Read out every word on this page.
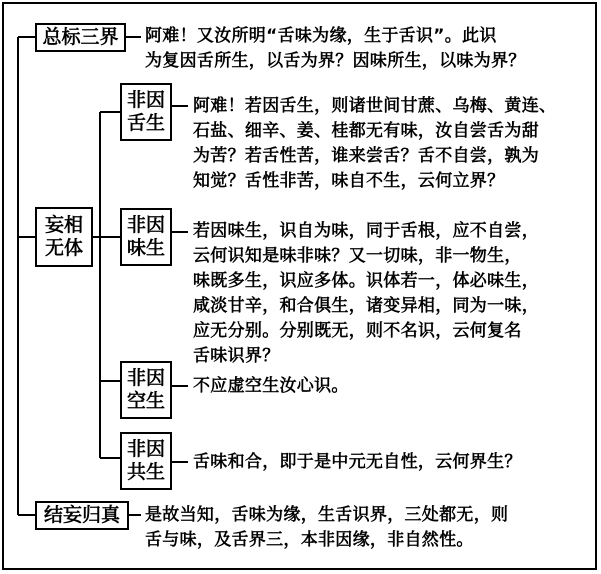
总标三界
妄相
无体
非因
舌生
非因
味生
非因
空生
非因
共生
结妄归真
阿难！又汝所明“舌味为缘，生于舌识”。此识
为复因舌所生，以舌为界？因味所生，以味为界？
阿难！若因舌生，则诸世间甘蔗、乌梅、黄连、
石盐、细辛、姜、桂都无有味，汝自尝舌为甜
为苦？若舌性苦，谁来尝舌？舌不自尝，孰为
知觉？舌性非苦，味自不生，云何立界？
若因味生，识自为味，同于舌根，应不自尝，
云何识知是味非味？又一切味，非一物生，
味既多生，识应多体。识体若一，体必味生，
咸淡甘辛，和合俱生，诸变异相，同为一味，
应无分别。分别既无，则不名识，云何复名
舌味识界？
不应虚空生汝心识。
舌味和合，即于是中元无自性，云何界生？
是故当知，舌味为缘，生舌识界，三处都无，则
舌与味，及舌界三，本非因缘，非自然性。
